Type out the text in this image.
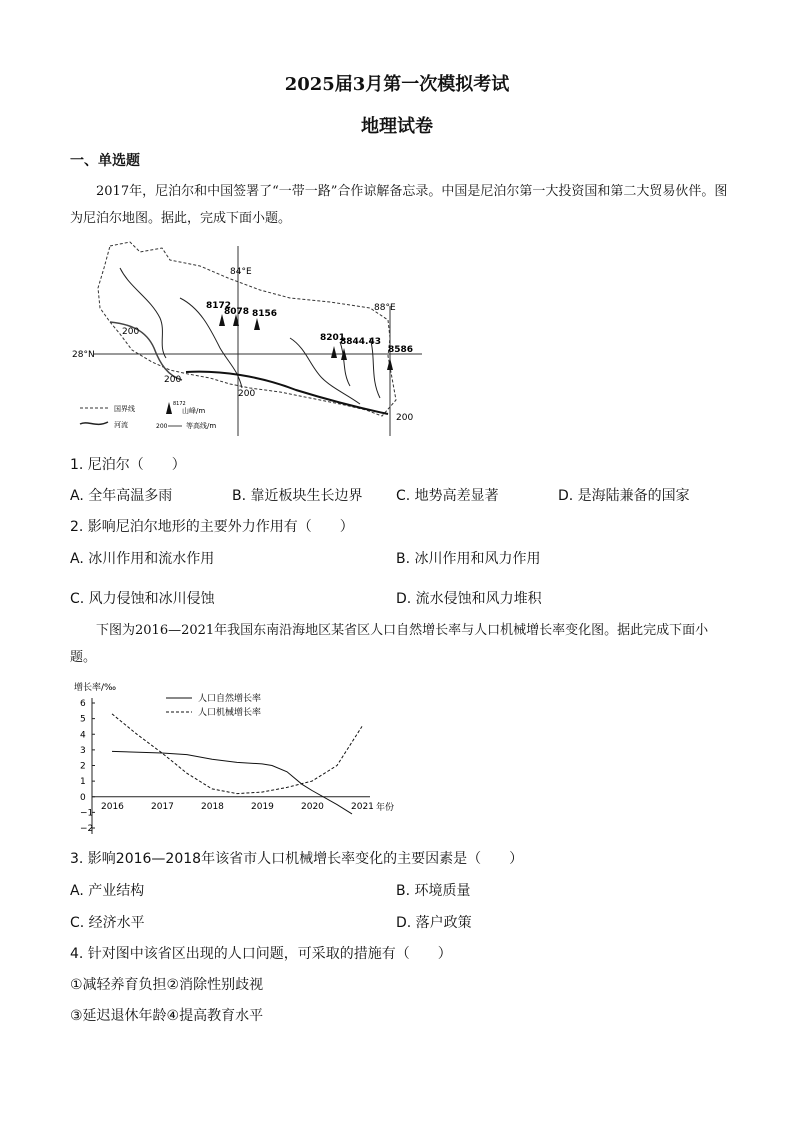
2025届3月第一次模拟考试
地理试卷
一、单选题
2017年，尼泊尔和中国签署了“一带一路”合作谅解备忘录。中国是尼泊尔第一大投资国和第二大贸易伙伴。图为尼泊尔地图。据此，完成下面小题。
84°E
88°E
28°N
8172
8078 8156
8201
8844.43
8586
200
200
200
200
国界线
河流
8172
山峰/m
200	等高线/m
1. 尼泊尔（　　）
A. 全年高温多雨	B. 靠近板块生长边界 C. 地势高差显著	D. 是海陆兼备的国家
2. 影响尼泊尔地形的主要外力作用有（　　）
A. 冰川作用和流水作用	B. 冰川作用和风力作用
C. 风力侵蚀和冰川侵蚀	D. 流水侵蚀和风力堆积
下图为2016—2021年我国东南沿海地区某省区人口自然增长率与人口机械增长率变化图。据此完成下面小题。
增长率/‰
6
5
4
3
2
1
0
−1
−2
2016	2017	2018	2019	2020	2021 年份
人口自然增长率
人口机械增长率
3. 影响2016—2018年该省市人口机械增长率变化的主要因素是（　　）
A. 产业结构	B. 环境质量
C. 经济水平	D. 落户政策
4. 针对图中该省区出现的人口问题，可采取的措施有（　　）
①减轻养育负担②消除性别歧视
③延迟退休年龄④提高教育水平
